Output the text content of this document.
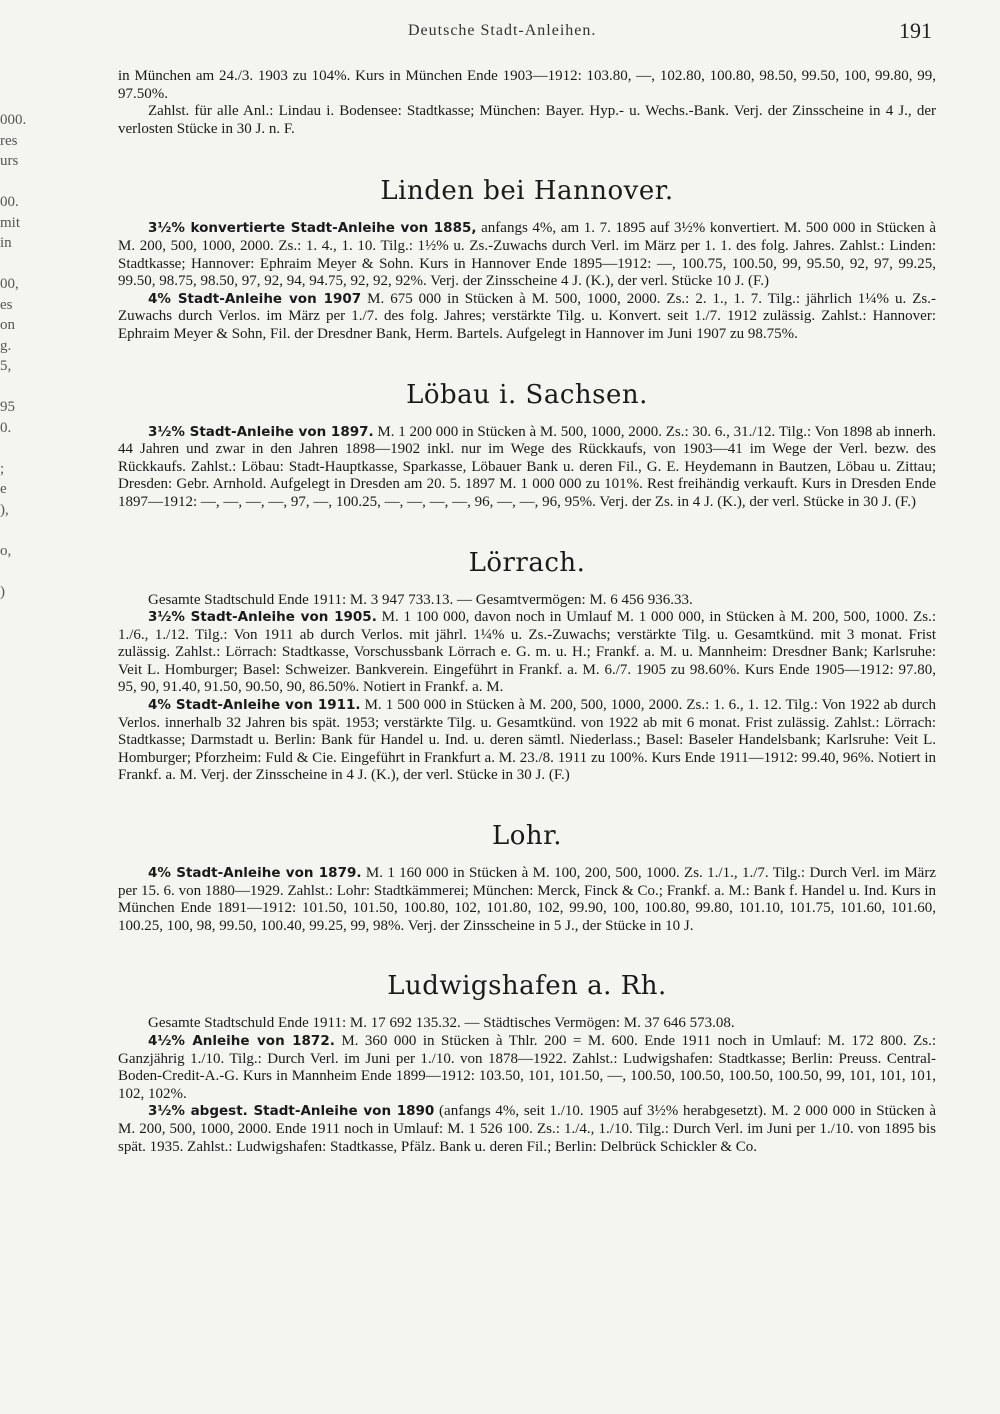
000.
res
urs
00.
mit
in
00,
es
on
g.
5,
95
0.
;
e
),
o,
)
Deutsche Stadt-Anleihen.	191

in München am 24./3. 1903 zu 104%. Kurs in München Ende 1903—1912: 103.80, —, 102.80, 100.80, 98.50, 99.50, 100, 99.80, 99, 97.50%.

Zahlst. für alle Anl.: Lindau i. Bodensee: Stadtkasse; München: Bayer. Hyp.- u. Wechs.-Bank. Verj. der Zinsscheine in 4 J., der verlosten Stücke in 30 J. n. F.

Linden bei Hannover.

3½% konvertierte Stadt-Anleihe von 1885, anfangs 4%, am 1. 7. 1895 auf 3½% konvertiert. M. 500 000 in Stücken à M. 200, 500, 1000, 2000. Zs.: 1. 4., 1. 10. Tilg.: 1½% u. Zs.-Zuwachs durch Verl. im März per 1. 1. des folg. Jahres. Zahlst.: Linden: Stadtkasse; Hannover: Ephraim Meyer & Sohn. Kurs in Hannover Ende 1895—1912: —, 100.75, 100.50, 99, 95.50, 92, 97, 99.25, 99.50, 98.75, 98.50, 97, 92, 94, 94.75, 92, 92, 92%. Verj. der Zinsscheine 4 J. (K.), der verl. Stücke 10 J. (F.)

4% Stadt-Anleihe von 1907 M. 675 000 in Stücken à M. 500, 1000, 2000. Zs.: 2. 1., 1. 7. Tilg.: jährlich 1¼% u. Zs.-Zuwachs durch Verlos. im März per 1./7. des folg. Jahres; verstärkte Tilg. u. Konvert. seit 1./7. 1912 zulässig. Zahlst.: Hannover: Ephraim Meyer & Sohn, Fil. der Dresdner Bank, Herm. Bartels. Aufgelegt in Hannover im Juni 1907 zu 98.75%.

Löbau i. Sachsen.

3½% Stadt-Anleihe von 1897. M. 1 200 000 in Stücken à M. 500, 1000, 2000. Zs.: 30. 6., 31./12. Tilg.: Von 1898 ab innerh. 44 Jahren und zwar in den Jahren 1898—1902 inkl. nur im Wege des Rückkaufs, von 1903—41 im Wege der Verl. bezw. des Rückkaufs. Zahlst.: Löbau: Stadt-Hauptkasse, Sparkasse, Löbauer Bank u. deren Fil., G. E. Heydemann in Bautzen, Löbau u. Zittau; Dresden: Gebr. Arnhold. Aufgelegt in Dresden am 20. 5. 1897 M. 1 000 000 zu 101%. Rest freihändig verkauft. Kurs in Dresden Ende 1897—1912: —, —, —, —, 97, —, 100.25, —, —, —, —, 96, —, —, 96, 95%. Verj. der Zs. in 4 J. (K.), der verl. Stücke in 30 J. (F.)

Lörrach.

Gesamte Stadtschuld Ende 1911: M. 3 947 733.13. — Gesamtvermögen: M. 6 456 936.33.

3½% Stadt-Anleihe von 1905. M. 1 100 000, davon noch in Umlauf M. 1 000 000, in Stücken à M. 200, 500, 1000. Zs.: 1./6., 1./12. Tilg.: Von 1911 ab durch Verlos. mit jährl. 1¼% u. Zs.-Zuwachs; verstärkte Tilg. u. Gesamtkünd. mit 3 monat. Frist zulässig. Zahlst.: Lörrach: Stadtkasse, Vorschussbank Lörrach e. G. m. u. H.; Frankf. a. M. u. Mannheim: Dresdner Bank; Karlsruhe: Veit L. Homburger; Basel: Schweizer. Bankverein. Eingeführt in Frankf. a. M. 6./7. 1905 zu 98.60%. Kurs Ende 1905—1912: 97.80, 95, 90, 91.40, 91.50, 90.50, 90, 86.50%. Notiert in Frankf. a. M.

4% Stadt-Anleihe von 1911. M. 1 500 000 in Stücken à M. 200, 500, 1000, 2000. Zs.: 1. 6., 1. 12. Tilg.: Von 1922 ab durch Verlos. innerhalb 32 Jahren bis spät. 1953; verstärkte Tilg. u. Gesamtkünd. von 1922 ab mit 6 monat. Frist zulässig. Zahlst.: Lörrach: Stadtkasse; Darmstadt u. Berlin: Bank für Handel u. Ind. u. deren sämtl. Niederlass.; Basel: Baseler Handelsbank; Karlsruhe: Veit L. Homburger; Pforzheim: Fuld & Cie. Eingeführt in Frankfurt a. M. 23./8. 1911 zu 100%. Kurs Ende 1911—1912: 99.40, 96%. Notiert in Frankf. a. M. Verj. der Zinsscheine in 4 J. (K.), der verl. Stücke in 30 J. (F.)

Lohr.

4% Stadt-Anleihe von 1879. M. 1 160 000 in Stücken à M. 100, 200, 500, 1000. Zs. 1./1., 1./7. Tilg.: Durch Verl. im März per 15. 6. von 1880—1929. Zahlst.: Lohr: Stadtkämmerei; München: Merck, Finck & Co.; Frankf. a. M.: Bank f. Handel u. Ind. Kurs in München Ende 1891—1912: 101.50, 101.50, 100.80, 102, 101.80, 102, 99.90, 100, 100.80, 99.80, 101.10, 101.75, 101.60, 101.60, 100.25, 100, 98, 99.50, 100.40, 99.25, 99, 98%. Verj. der Zinsscheine in 5 J., der Stücke in 10 J.

Ludwigshafen a. Rh.

Gesamte Stadtschuld Ende 1911: M. 17 692 135.32. — Städtisches Vermögen: M. 37 646 573.08.

4½% Anleihe von 1872. M. 360 000 in Stücken à Thlr. 200 = M. 600. Ende 1911 noch in Umlauf: M. 172 800. Zs.: Ganzjährig 1./10. Tilg.: Durch Verl. im Juni per 1./10. von 1878—1922. Zahlst.: Ludwigshafen: Stadtkasse; Berlin: Preuss. Central-Boden-Credit-A.-G. Kurs in Mannheim Ende 1899—1912: 103.50, 101, 101.50, —, 100.50, 100.50, 100.50, 100.50, 99, 101, 101, 101, 102, 102%.

3½% abgest. Stadt-Anleihe von 1890 (anfangs 4%, seit 1./10. 1905 auf 3½% herabgesetzt). M. 2 000 000 in Stücken à M. 200, 500, 1000, 2000. Ende 1911 noch in Umlauf: M. 1 526 100. Zs.: 1./4., 1./10. Tilg.: Durch Verl. im Juni per 1./10. von 1895 bis spät. 1935. Zahlst.: Ludwigshafen: Stadtkasse, Pfälz. Bank u. deren Fil.; Berlin: Delbrück Schickler & Co.
